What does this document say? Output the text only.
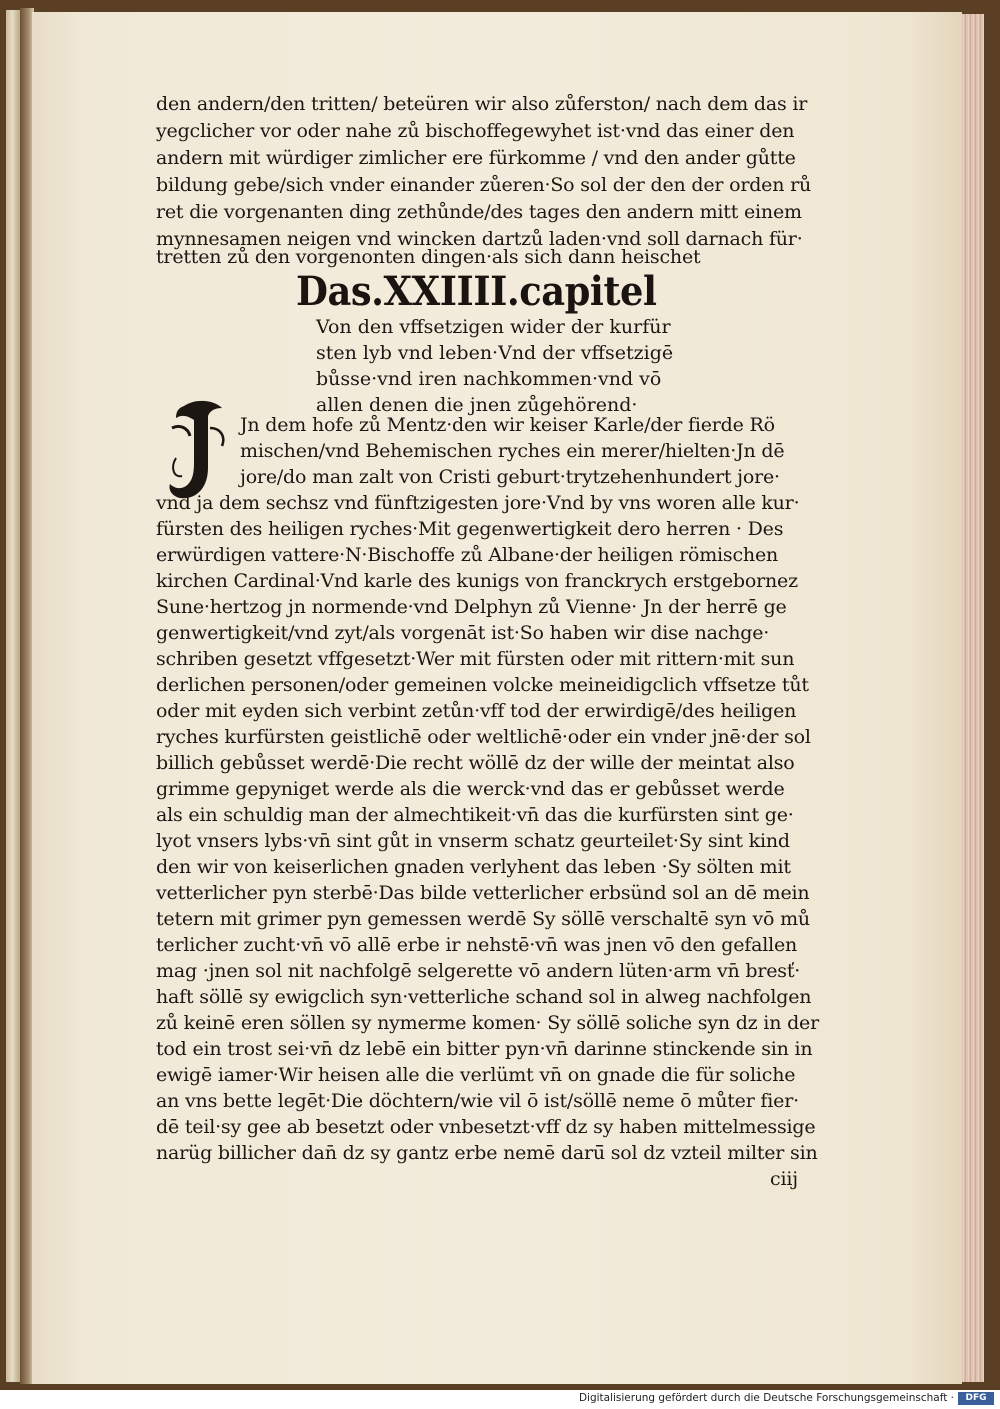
den andern/den tritten/ beteüren wir also zůferston/ nach dem das ir
yegclicher vor oder nahe zů bischoffegewyhet ist·vnd das einer den
andern mit würdiger zimlicher ere fürkomme / vnd den ander gůtte
bildung gebe/sich vnder einander zůeren·So sol der den der orden rů
ret die vorgenanten ding zethůnde/des tages den andern mitt einem
mynnesamen neigen vnd wincken dartzů laden·vnd soll darnach für·
tretten zů den vorgenonten dingen·als sich dann heischet
Das.XXIIII.capitel
Von den vffsetzigen wider der kurfür
sten lyb vnd leben·Vnd der vffsetzigē
bůsse·vnd iren nachkommen·vnd vō
allen denen die jnen zůgehörend·
Jn dem hofe zů Mentz·den wir keiser Karle/der fierde Rö
mischen/vnd Behemischen ryches ein merer/hielten·Jn dē
jore/do man zalt von Cristi geburt·trytzehenhundert jore·
vnd ja dem sechsz vnd fünftzigesten jore·Vnd by vns woren alle kur·
fürsten des heiligen ryches·Mit gegenwertigkeit dero herren · Des
erwürdigen vattere·N·Bischoffe zů Albane·der heiligen römischen
kirchen Cardinal·Vnd karle des kunigs von franckrych erstgebornez
Sune·hertzog jn normende·vnd Delphyn zů Vienne· Jn der herrē ge
genwertigkeit/vnd zyt/als vorgenāt ist·So haben wir dise nachge·
schriben gesetzt vffgesetzt·Wer mit fürsten oder mit rittern·mit sun
derlichen personen/oder gemeinen volcke meineidigclich vffsetze tůt
oder mit eyden sich verbint zetůn·vff tod der erwirdigē/des heiligen
ryches kurfürsten geistlichē oder weltlichē·oder ein vnder jnē·der sol
billich gebůsset werdē·Die recht wöllē dz der wille der meintat also
grimme gepyniget werde als die werck·vnd das er gebůsset werde
als ein schuldig man der almechtikeit·vn̄ das die kurfürsten sint ge·
lyot vnsers lybs·vn̄ sint gůt in vnserm schatz geurteilet·Sy sint kind
den wir von keiserlichen gnaden verlyhent das leben ·Sy sölten mit
vetterlicher pyn sterbē·Das bilde vetterlicher erbsünd sol an dē mein
tetern mit grimer pyn gemessen werdē Sy söllē verschaltē syn vō mů
terlicher zucht·vn̄ vō allē erbe ir nehstē·vn̄ was jnen vō den gefallen
mag ·jnen sol nit nachfolgē selgerette vō andern lüten·arm vn̄ bresť·
haft söllē sy ewigclich syn·vetterliche schand sol in alweg nachfolgen
zů keinē eren söllen sy nymerme komen· Sy söllē soliche syn dz in der
tod ein trost sei·vn̄ dz lebē ein bitter pyn·vn̄ darinne stinckende sin in
ewigē iamer·Wir heisen alle die verlümt vn̄ on gnade die für soliche
an vns bette legēt·Die döchtern/wie vil ō ist/söllē neme ō můter fier·
dē teil·sy gee ab besetzt oder vnbesetzt·vff dz sy haben mittelmessige
narüg billicher dan̄ dz sy gantz erbe nemē darū̄ sol dz vzteil milter sin
ciij
Digitalisierung gefördert durch die Deutsche Forschungsgemeinschaft ·	DFG
